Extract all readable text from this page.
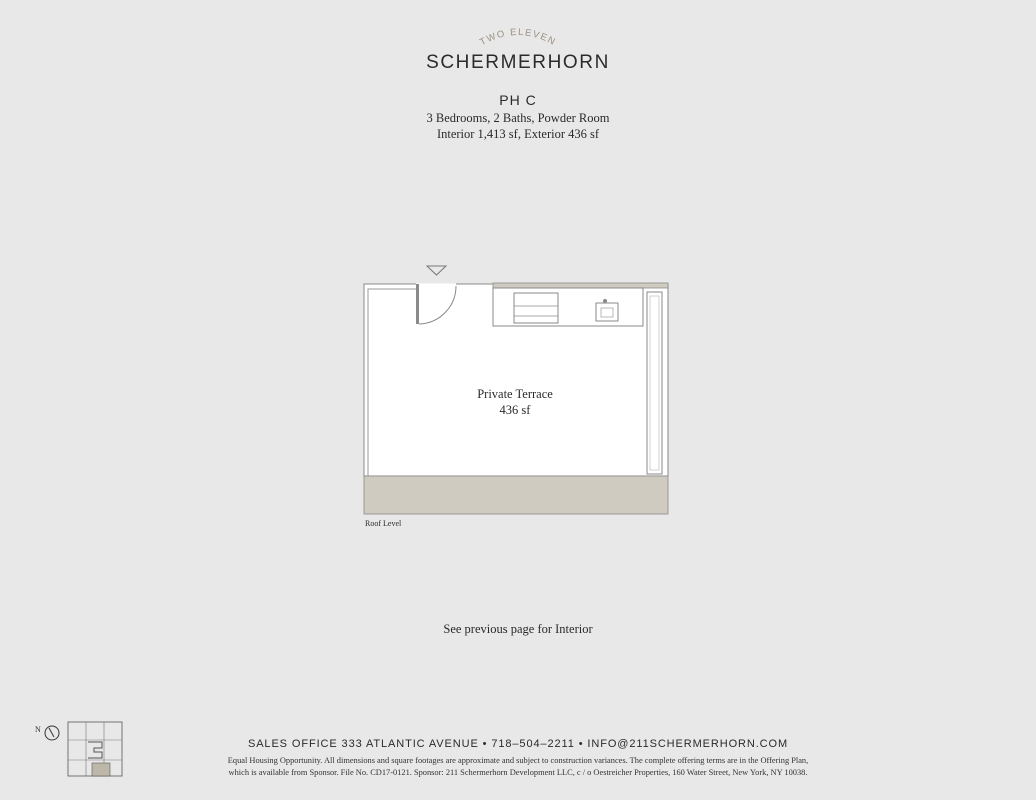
TWO ELEVEN
SCHERMERHORN
PH C
3 Bedrooms, 2 Baths, Powder Room
Interior 1,413 sf, Exterior 436 sf
Private Terrace
436 sf
Roof Level
See previous page for Interior
N
SALES OFFICE 333 ATLANTIC AVENUE • 718–504–2211 • INFO@211SCHERMERHORN.COM
Equal Housing Opportunity. All dimensions and square footages are approximate and subject to construction variances. The complete offering terms are in the Offering Plan,
which is available from Sponsor. File No. CD17-0121. Sponsor: 211 Schermerhorn Development LLC, c / o Oestreicher Properties, 160 Water Street, New York, NY 10038.
